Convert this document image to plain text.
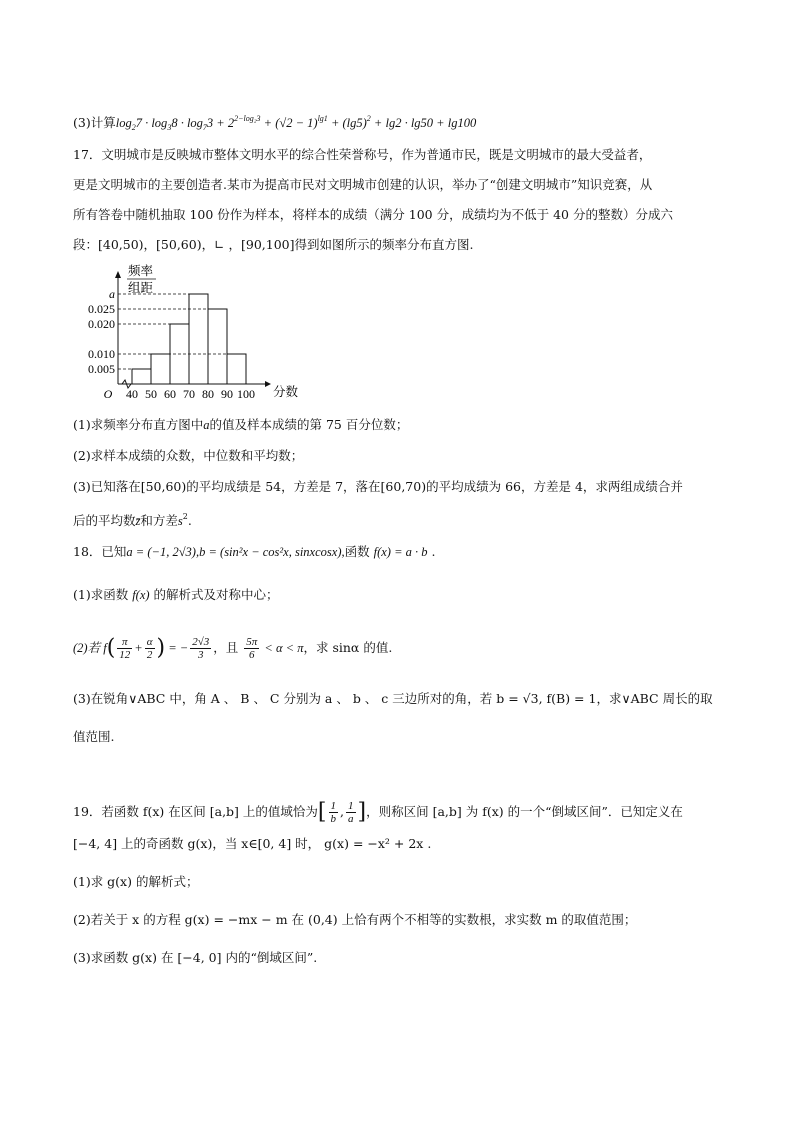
(3)计算$\log_27 \cdot \log_38 \cdot \log_73 + 2^{2-log_23} + (√2 - 1)^{lg1} + (\lg 5)^2 + \lg 2 \cdot \lg 50 + \lg 100$
17．文明城市是反映城市整体文明水平的综合性荣誉称号，作为普通市民，既是文明城市的最大受益者，
更是文明城市的主要创造者.某市为提高市民对文明城市创建的认识，举办了“创建文明城市”知识竞赛，从
所有答卷中随机抽取 100 份作为样本，将样本的成绩（满分 100 分，成绩均为不低于 40 分的整数）分成六
段：[40,50)，[50,60)，∟ ，[90,100]得到如图所示的频率分布直方图.
0.005
0.010
0.020
0.025
a
40 50 60 70 80 90 100
O
频率
组距
分数
(1)求频率分布直方图中a的值及样本成绩的第 75 百分位数；
(2)求样本成绩的众数，中位数和平均数；
(3)已知落在[50,60)的平均成绩是 54，方差是 7，落在[60,70)的平均成绩为 66，方差是 4，求两组成绩合并
后的平均数z̄和方差$s^2$.
18．已知a = (−1, 2√3),b = (sin²x − cos²x, sinxcosx),函数 f(x) = a · b .
(1)求函数 f(x) 的解析式及对称中心；
(2)若 $f( \frac{\pi}{12} + \frac{\alpha}{2}$ ) = − $\frac{2√3}{3}$ ，且 $\frac{5\pi}{6} < \alpha < \pi$，求 sinα 的值.
(3)在锐角∨ABC 中，角 A 、 B 、 C 分别为 a 、 b 、 c 三边所对的角，若 b = √3, f(B) = 1，求∨ABC 周长的取
值范围.
19．若函数 f(x) 在区间 [a,b] 上的值域恰为[ $\frac{1}{b}$ , $\frac{1}{a}$ ]，则称区间 [a,b] 为 f(x) 的一个“倒域区间”．已知定义在
[−4, 4] 上的奇函数 g(x)，当 x∈[0, 4] 时， g(x) = −x² + 2x .
(1)求 g(x) 的解析式；
(2)若关于 x 的方程 g(x) = −mx − m 在 (0,4) 上恰有两个不相等的实数根，求实数 m 的取值范围；
(3)求函数 g(x) 在 [−4, 0] 内的“倒域区间”.
